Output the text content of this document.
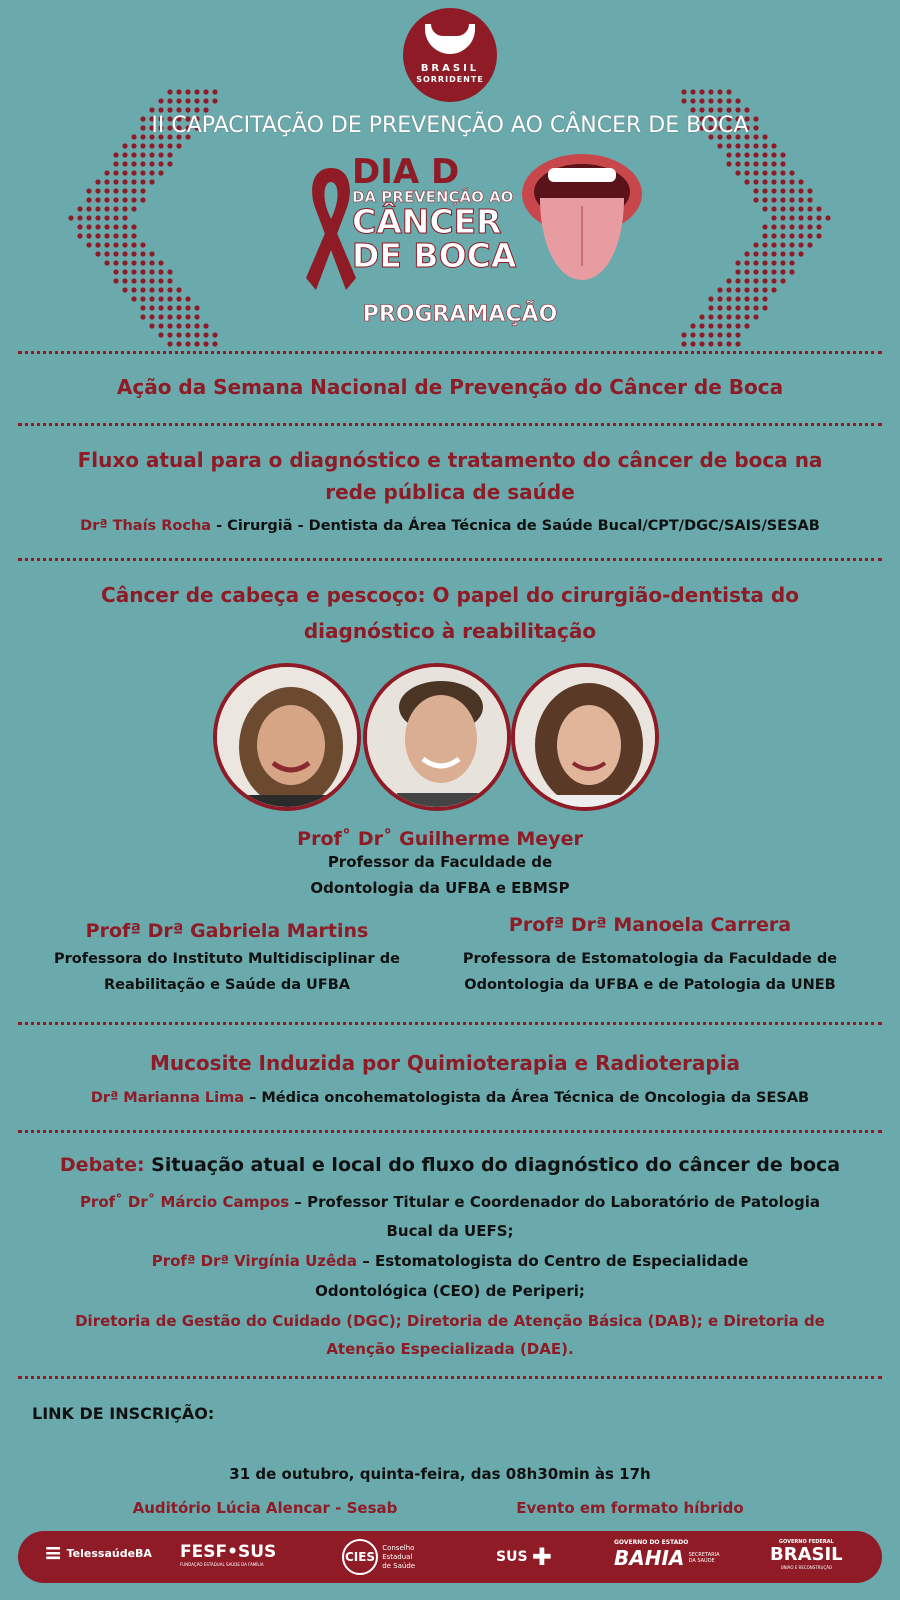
BRASIL
SORRIDENTE
II CAPACITAÇÃO DE PREVENÇÃO AO CÂNCER DE BOCA
DIA D
DA PREVENÇÃO AO
CÂNCER
DE BOCA
PROGRAMAÇÃO
Ação da Semana Nacional de Prevenção do Câncer de Boca
Fluxo atual para o diagnóstico e tratamento do câncer de boca na
rede pública de saúde
Drª Thaís Rocha - Cirurgiã - Dentista da Área Técnica de Saúde Bucal/CPT/DGC/SAIS/SESAB
Câncer de cabeça e pescoço: O papel do cirurgião-dentista do
diagnóstico à reabilitação
Prof˚ Dr˚ Guilherme Meyer
Professor da Faculdade de
Odontologia da UFBA e EBMSP
Profª Drª Gabriela Martins
Professora do Instituto Multidisciplinar de
Reabilitação e Saúde da UFBA
Profª Drª Manoela Carrera
Professora de Estomatologia da Faculdade de
Odontologia da UFBA e de Patologia da UNEB
Mucosite Induzida por Quimioterapia e Radioterapia
Drª Marianna Lima – Médica oncohematologista da Área Técnica de Oncologia da SESAB
Debate: Situação atual e local do fluxo do diagnóstico do câncer de boca
Prof˚ Dr˚ Márcio Campos – Professor Titular e Coordenador do Laboratório de Patologia
Bucal da UEFS;
Profª Drª Virgínia Uzêda – Estomatologista do Centro de Especialidade
Odontológica (CEO) de Periperi;
Diretoria de Gestão do Cuidado (DGC); Diretoria de Atenção Básica (DAB); e Diretoria de
Atenção Especializada (DAE).
LINK DE INSCRIÇÃO:
31 de outubro, quinta-feira, das 08h30min às 17h
Auditório Lúcia Alencar - Sesab	Evento em formato híbrido
≡ TelessaúdeBA FESF•SUS
FUNDAÇÃO ESTADUAL SAÚDE DA FAMÍLIA
CIES Conselho
Estadual
de Saúde
SUS ✚
GOVERNO DO ESTADO
BAHIA SECRETARIA
DA SAÚDE
GOVERNO FEDERAL
BRASIL
UNIÃO E RECONSTRUÇÃO
